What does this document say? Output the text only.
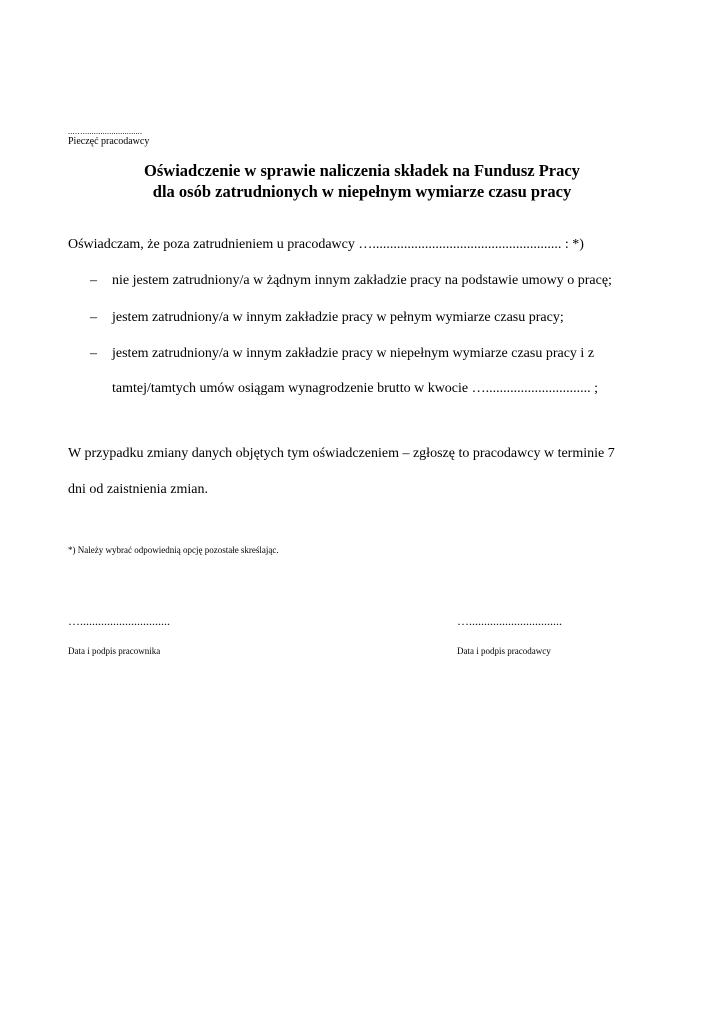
...…...........................
Pieczęć pracodawcy
Oświadczenie w sprawie naliczenia składek na Fundusz Pracy
dla osób zatrudnionych w niepełnym wymiarze czasu pracy
Oświadczam, że poza zatrudnieniem u pracodawcy …...................................................... : *)
– nie jestem zatrudniony/a w żądnym innym zakładzie pracy na podstawie umowy o pracę;
– jestem zatrudniony/a w innym zakładzie pracy w pełnym wymiarze czasu pracy;
– jestem zatrudniony/a w innym zakładzie pracy w niepełnym wymiarze czasu pracy i z
tamtej/tamtych umów osiągam wynagrodzenie brutto w kwocie ….............................. ;
W przypadku zmiany danych objętych tym oświadczeniem – zgłoszę to pracodawcy w terminie 7
dni od zaistnienia zmian.
*) Należy wybrać odpowiednią opcję pozostałe skreślając.
…..............................	…...............................
Data i podpis pracownika	Data i podpis pracodawcy
